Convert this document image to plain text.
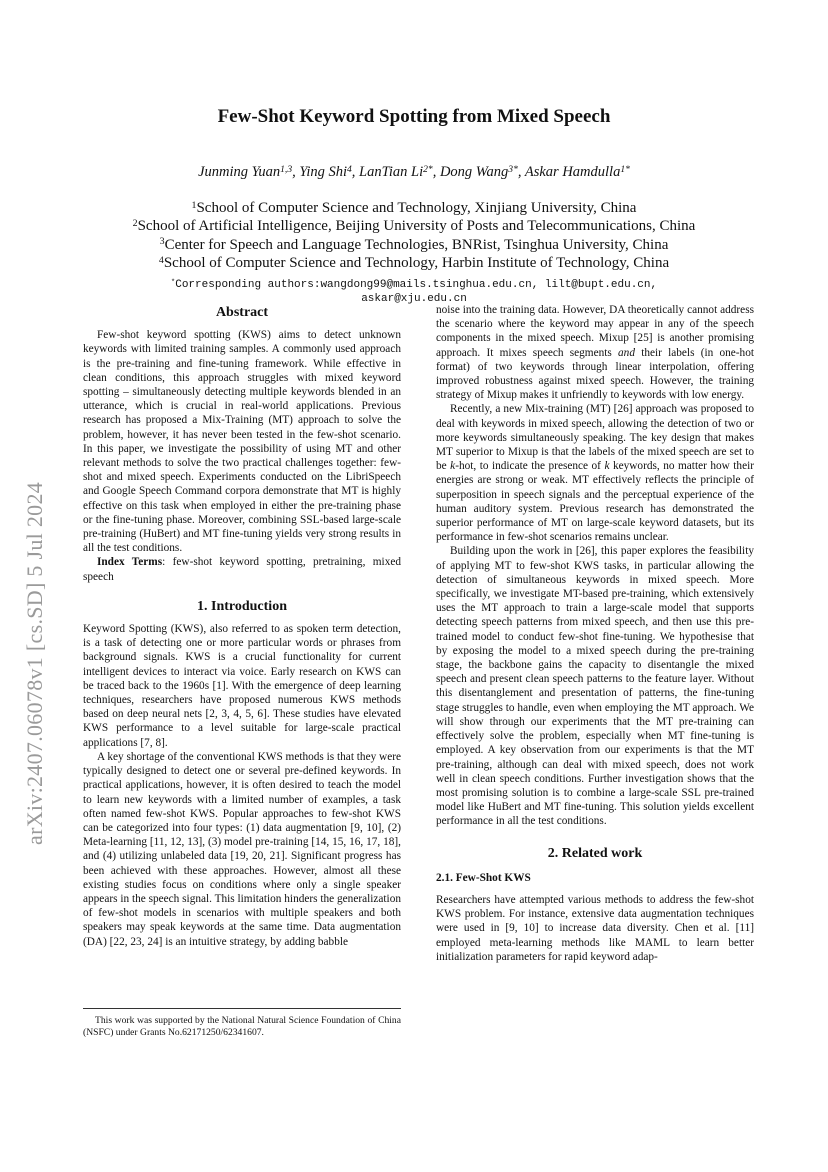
arXiv:2407.06078v1 [cs.SD] 5 Jul 2024
Few-Shot Keyword Spotting from Mixed Speech
Junming Yuan$^{1,3}$, Ying Shi$^4$, LanTian $Li^{2*}$, Dong Wang$^{3*}$, Askar Hamdulla$^{1*}$
$^1$School of Computer Science and Technology, Xinjiang University, China
$^2$School of Artificial Intelligence, Beijing University of Posts and Telecommunications, China
$^3$Center for Speech and Language Technologies, BNRist, Tsinghua University, China
$^4$School of Computer Science and Technology, Harbin Institute of Technology, China
*Corresponding authors:wangdong99@mails.tsinghua.edu.cn, lilt@bupt.edu.cn,
askar@xju.edu.cn
Abstract

Few-shot keyword spotting (KWS) aims to detect unknown keywords with limited training samples. A commonly used approach is the pre-training and fine-tuning framework. While effective in clean conditions, this approach struggles with mixed keyword spotting – simultaneously detecting multiple keywords blended in an utterance, which is crucial in real-world applications. Previous research has proposed a Mix-Training (MT) approach to solve the problem, however, it has never been tested in the few-shot scenario. In this paper, we investigate the possibility of using MT and other relevant methods to solve the two practical challenges together: few-shot and mixed speech. Experiments conducted on the LibriSpeech and Google Speech Command corpora demonstrate that MT is highly effective on this task when employed in either the pre-training phase or the fine-tuning phase. Moreover, combining SSL-based large-scale pre-training (HuBert) and MT fine-tuning yields very strong results in all the test conditions.

Index Terms: few-shot keyword spotting, pretraining, mixed speech

1. Introduction

Keyword Spotting (KWS), also referred to as spoken term detection, is a task of detecting one or more particular words or phrases from background signals. KWS is a crucial functionality for current intelligent devices to interact via voice. Early research on KWS can be traced back to the 1960s [1]. With the emergence of deep learning techniques, researchers have proposed numerous KWS methods based on deep neural nets [2, 3, 4, 5, 6]. These studies have elevated KWS performance to a level suitable for large-scale practical applications [7, 8].

A key shortage of the conventional KWS methods is that they were typically designed to detect one or several pre-defined keywords. In practical applications, however, it is often desired to teach the model to learn new keywords with a limited number of examples, a task often named few-shot KWS. Popular approaches to few-shot KWS can be categorized into four types: (1) data augmentation [9, 10], (2) Meta-learning [11, 12, 13], (3) model pre-training [14, 15, 16, 17, 18], and (4) utilizing unlabeled data [19, 20, 21]. Significant progress has been achieved with these approaches. However, almost all these existing studies focus on conditions where only a single speaker appears in the speech signal. This limitation hinders the generalization of few-shot models in scenarios with multiple speakers and both speakers may speak keywords at the same time. Data augmentation (DA) [22, 23, 24] is an intuitive strategy, by adding babble

This work was supported by the National Natural Science Foundation of China (NSFC) under Grants No.62171250/62341607.

noise into the training data. However, DA theoretically cannot address the scenario where the keyword may appear in any of the speech components in the mixed speech. Mixup [25] is another promising approach. It mixes speech segments and their labels (in one-hot format) of two keywords through linear interpolation, offering improved robustness against mixed speech. However, the training strategy of Mixup makes it unfriendly to keywords with low energy.

Recently, a new Mix-training (MT) [26] approach was proposed to deal with keywords in mixed speech, allowing the detection of two or more keywords simultaneously speaking. The key design that makes MT superior to Mixup is that the labels of the mixed speech are set to be k-hot, to indicate the presence of k keywords, no matter how their energies are strong or weak. MT effectively reflects the principle of superposition in speech signals and the perceptual experience of the human auditory system. Previous research has demonstrated the superior performance of MT on large-scale keyword datasets, but its performance in few-shot scenarios remains unclear.

Building upon the work in [26], this paper explores the feasibility of applying MT to few-shot KWS tasks, in particular allowing the detection of simultaneous keywords in mixed speech. More specifically, we investigate MT-based pre-training, which extensively uses the MT approach to train a large-scale model that supports detecting speech patterns from mixed speech, and then use this pre-trained model to conduct few-shot fine-tuning. We hypothesise that by exposing the model to a mixed speech during the pre-training stage, the backbone gains the capacity to disentangle the mixed speech and present clean speech patterns to the feature layer. Without this disentanglement and presentation of patterns, the fine-tuning stage struggles to handle, even when employing the MT approach. We will show through our experiments that the MT pre-training can effectively solve the problem, especially when MT fine-tuning is employed. A key observation from our experiments is that the MT pre-training, although can deal with mixed speech, does not work well in clean speech conditions. Further investigation shows that the most promising solution is to combine a large-scale SSL pre-trained model like HuBert and MT fine-tuning. This solution yields excellent performance in all the test conditions.

2. Related work
2.1. Few-Shot KWS

Researchers have attempted various methods to address the few-shot KWS problem. For instance, extensive data augmentation techniques were used in [9, 10] to increase data diversity. Chen et al. [11] employed meta-learning methods like MAML to learn better initialization parameters for rapid keyword adap-
